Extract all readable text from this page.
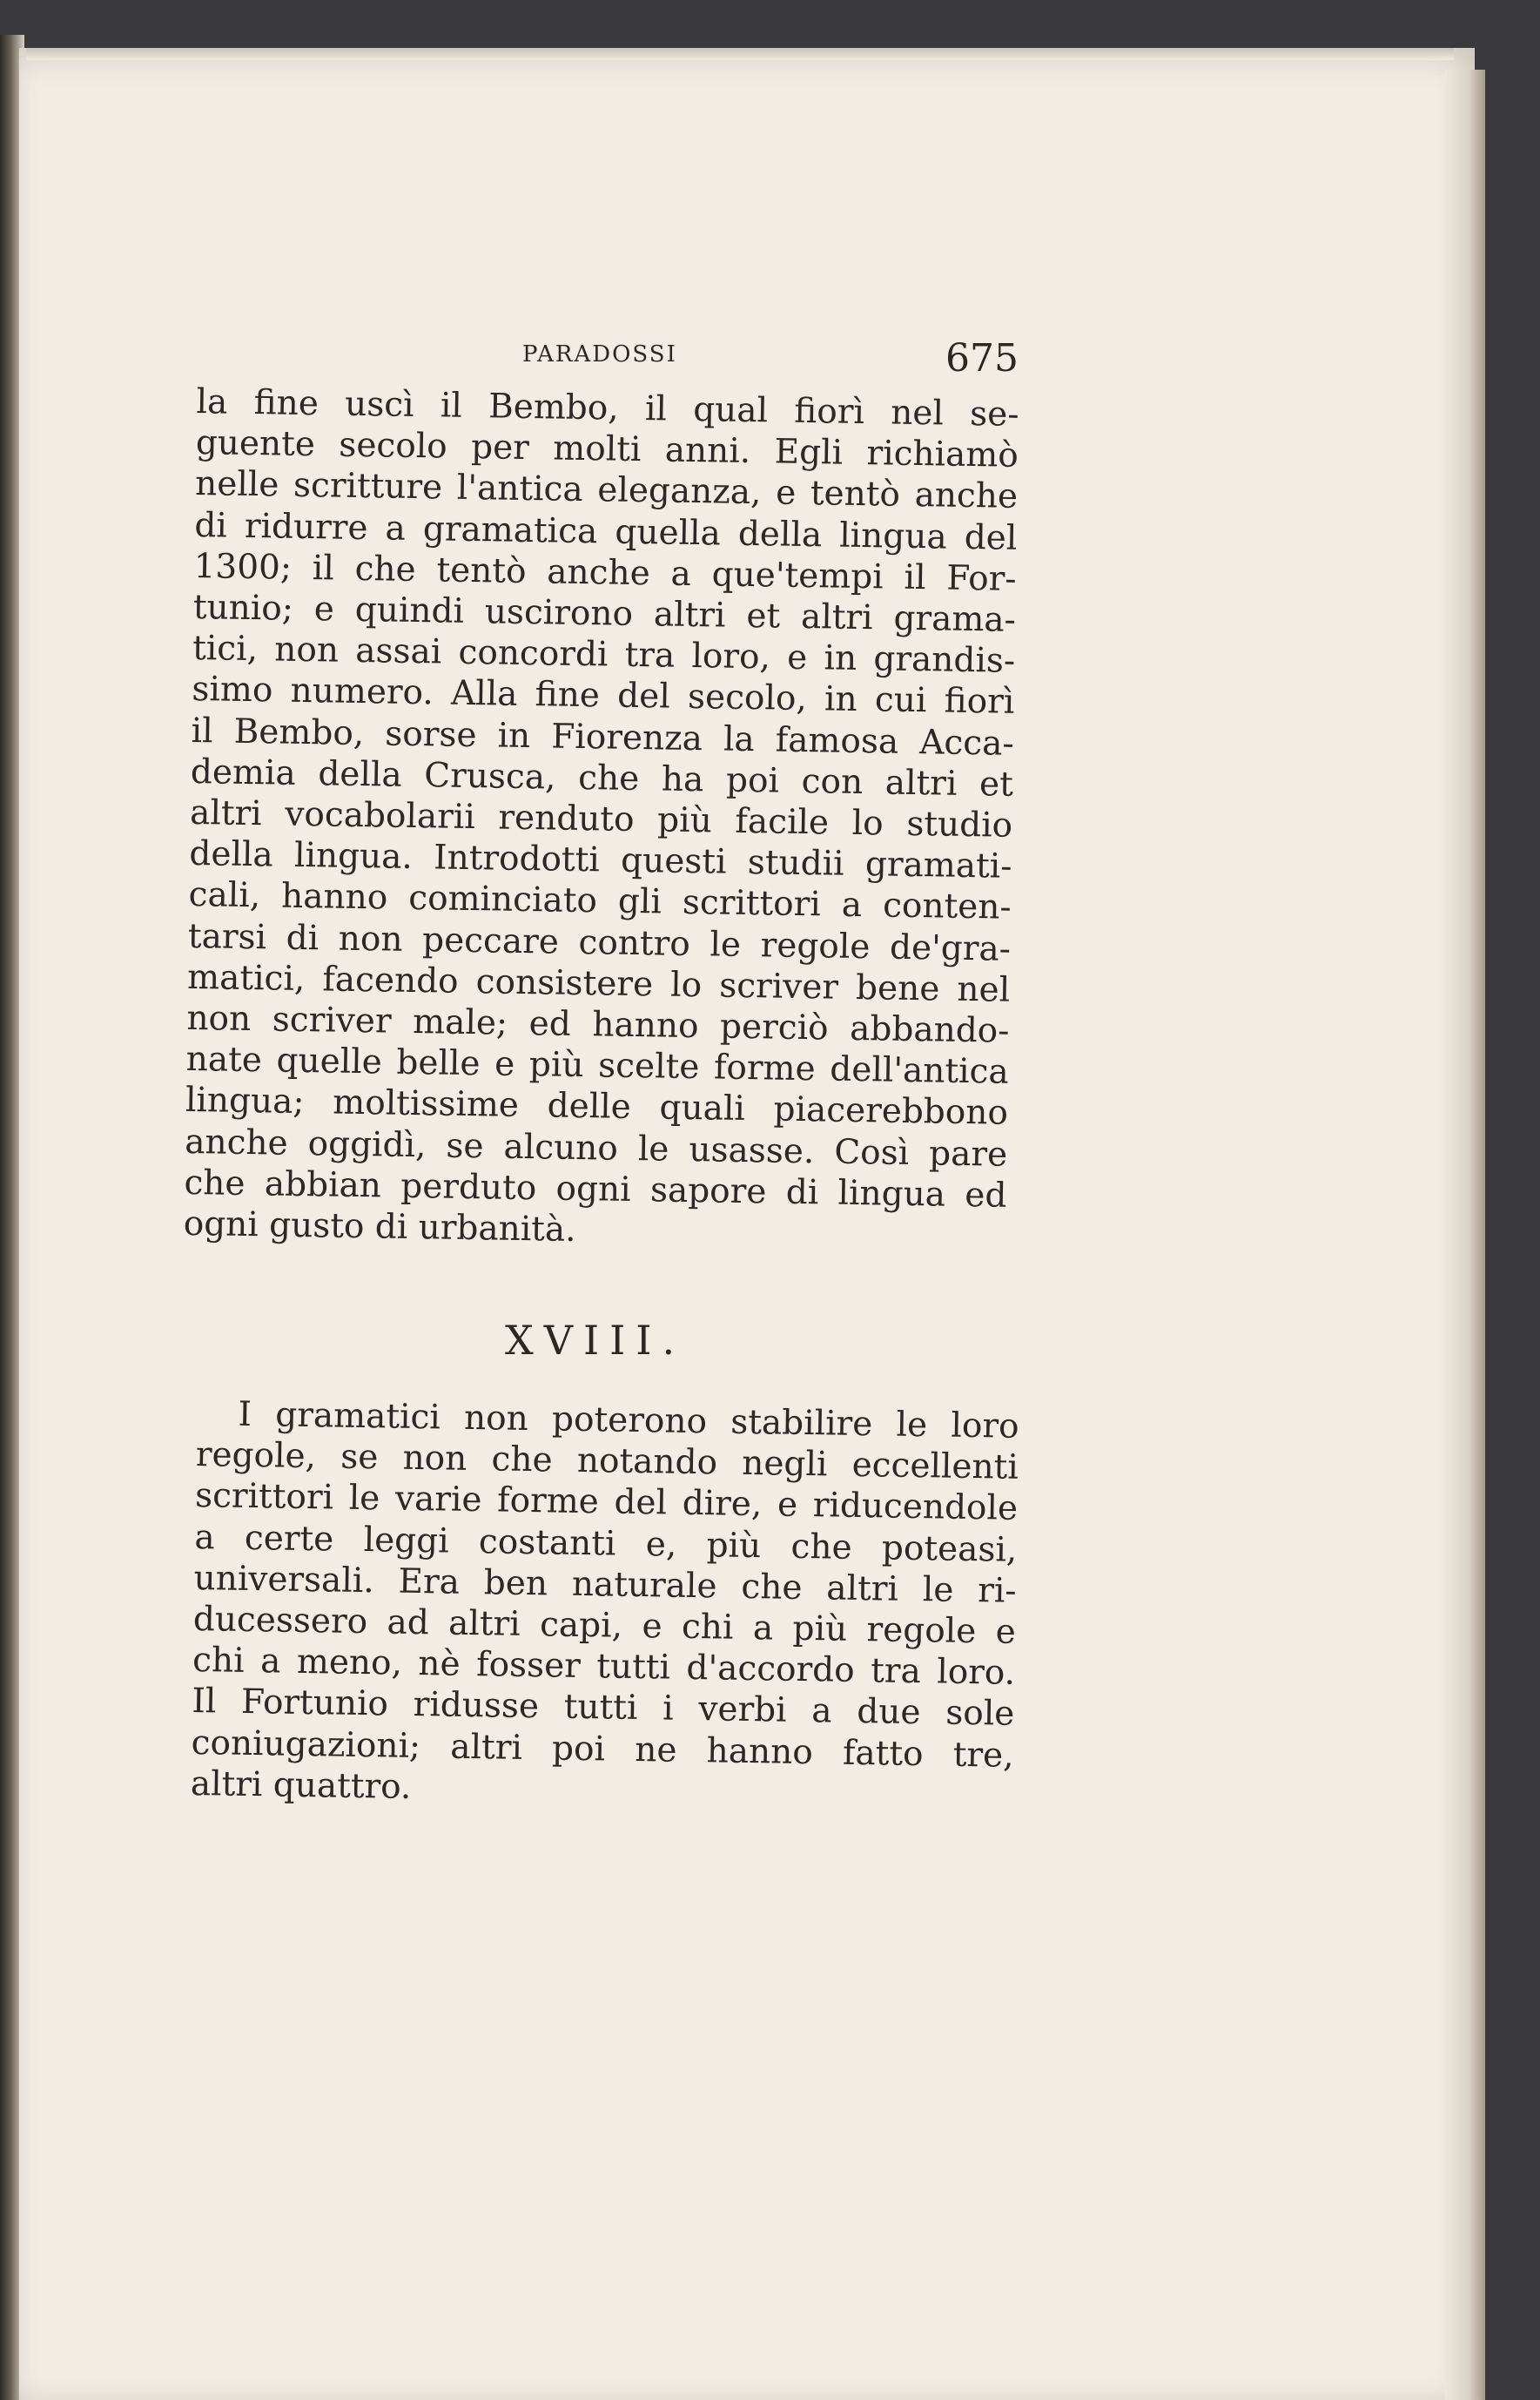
PARADOSSI	675
la fine uscì il Bembo, il qual fiorì nel se-
guente secolo per molti anni. Egli richiamò
nelle scritture l'antica eleganza, e tentò anche
di ridurre a gramatica quella della lingua del
1300; il che tentò anche a que'tempi il For-
tunio; e quindi uscirono altri et altri grama-
tici, non assai concordi tra loro, e in grandis-
simo numero. Alla fine del secolo, in cui fiorì
il Bembo, sorse in Fiorenza la famosa Acca-
demia della Crusca, che ha poi con altri et
altri vocabolarii renduto più facile lo studio
della lingua. Introdotti questi studii gramati-
cali, hanno cominciato gli scrittori a conten-
tarsi di non peccare contro le regole de'gra-
matici, facendo consistere lo scriver bene nel
non scriver male; ed hanno perciò abbando-
nate quelle belle e più scelte forme dell'antica
lingua; moltissime delle quali piacerebbono
anche oggidì, se alcuno le usasse. Così pare
che abbian perduto ogni sapore di lingua ed
ogni gusto di urbanità.
XVIII.
I gramatici non poterono stabilire le loro
regole, se non che notando negli eccellenti
scrittori le varie forme del dire, e riducendole
a certe leggi costanti e, più che poteasi,
universali. Era ben naturale che altri le ri-
ducessero ad altri capi, e chi a più regole e
chi a meno, nè fosser tutti d'accordo tra loro.
Il Fortunio ridusse tutti i verbi a due sole
coniugazioni; altri poi ne hanno fatto tre,
altri quattro.
